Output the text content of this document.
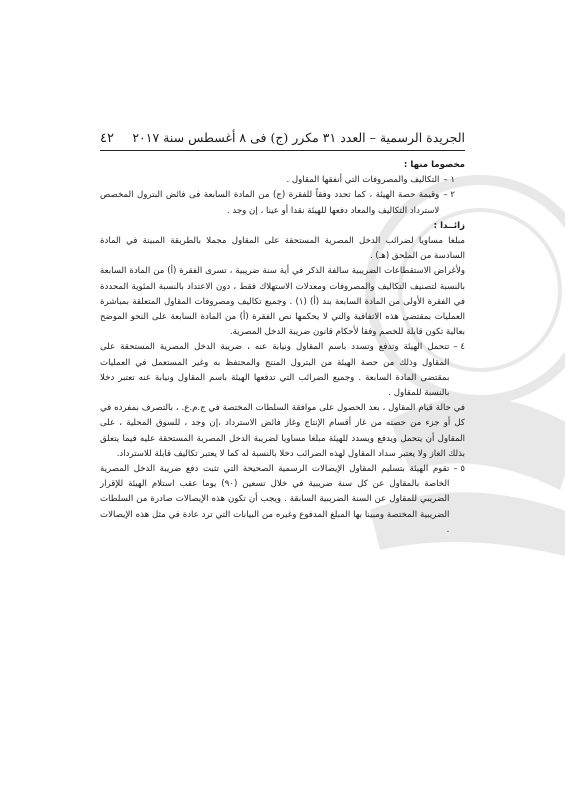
الجريدة الرسمية – العدد ٣١ مكرر (ج) فى ٨ أغسطس سنة ٢٠١٧
٤٢

مخصوما منها :

١ –
التكاليف والمصروفات التي أنفقها المقاول .
٢ –
وقيمة حصة الهيئة ، كما تحدد وفقاً للفقرة (ج) من المادة السابعة فى فائض البترول المخصص لاسترداد التكاليف والمعاد دفعها للهيئة نقدا أو عينا ، إن وجد .

زائــدا :

مبلغا مساويا لضرائب الدخل المصرية المستحقة على المقاول مجملا بالطريقة المبينة في المادة السادسة من الملحق (هـ) .

ولأغراض الاستقطاعات الضريبية سالفة الذكر في أية سنة ضريبية ، تسرى الفقرة (أ) من المادة السابعة بالنسبة لتصنيف التكاليف والمصروفات ومعدلات الاستهلاك فقط ، دون الاعتداد بالنسبة المئوية المحددة في الفقرة الأولى من المادة السابعة بند (أ) (١) . وجميع تكاليف ومصروفات المقاول المتعلقة بمباشرة العمليات بمقتضى هذه الاتفاقية والتي لا يحكمها نص الفقرة (أ) من المادة السابعة على النحو الموضح بعالية تكون قابلة للخصم وفقا لأحكام قانون ضريبة الدخل المصرية.

٤ –
تتحمل الهيئة وتدفع وتسدد باسم المقاول ونيابة عنه ، ضريبة الدخل المصرية المستحقة على المقاول وذلك من حصة الهيئة من البترول المنتج والمحتفظ به وغير المستعمل في العمليات بمقتضى المادة السابعة . وجميع الضرائب التي تدفعها الهيئة باسم المقاول ونيابة عنه تعتبر دخلا بالنسبة للمقاول .

في حالة قيام المقاول ، بعد الحصول على موافقة السلطات المختصة في ج.م.ع. ، بالتصرف بمفرده في كل أو جزء من حصته من غاز أقسام الإنتاج وغاز فائض الاسترداد ،إن وجد ، للسوق المحلية ، على المقاول أن يتحمل ويدفع ويسدد للهيئة مبلغا مساويا لضريبة الدخل المصرية المستحقة عليه فيما يتعلق بذلك الغاز ولا يعتبر سداد المقاول لهذه الضرائب دخلا بالنسبة له كما لا يعتبر تكاليف قابلة للاسترداد.

٥ –
تقوم الهيئة بتسليم المقاول الإيصالات الرسمية الصحيحة التي تثبت دفع ضريبة الدخل المصرية الخاصة بالمقاول عن كل سنة ضريبية في خلال تسعين (٩٠) يوما عقب استلام الهيئة للإقرار الضريبي للمقاول عن السنة الضريبية السابقة . ويجب أن تكون هذه الإيصالات صادرة من السلطات الضريبية المختصة ومبينا بها المبلغ المدفوع وغيره من البيانات التي ترد عادة في مثل هذه الإيصالات .
